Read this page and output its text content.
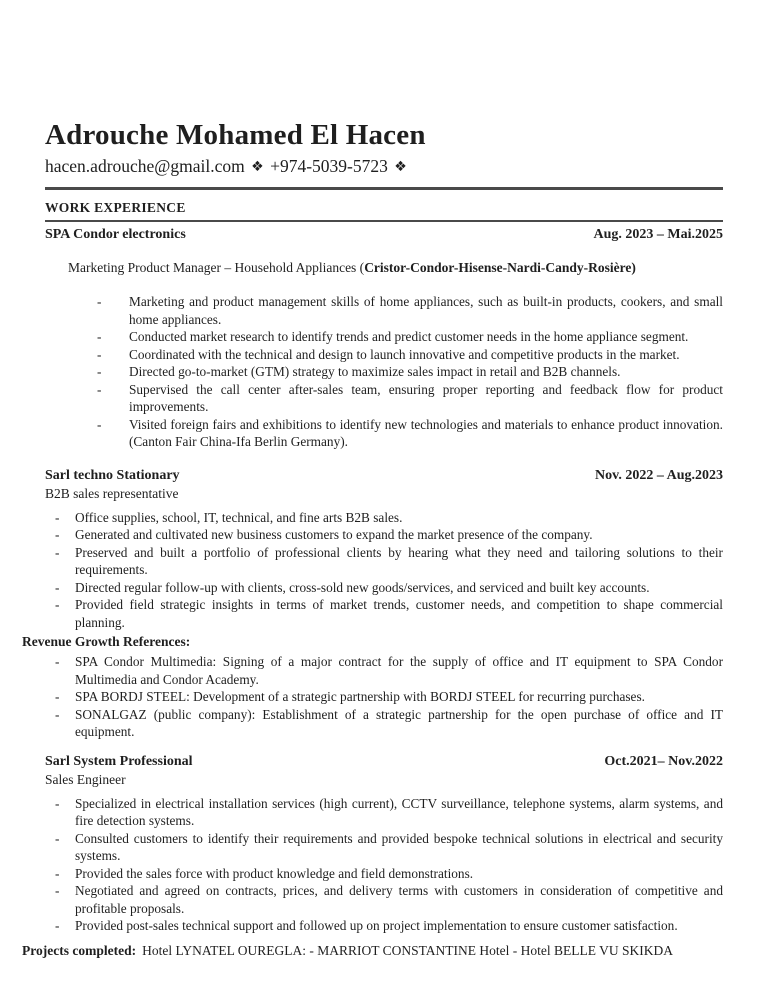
Adrouche Mohamed El Hacen
hacen.adrouche@gmail.com ❖ +974-5039-5723 ❖
WORK EXPERIENCE
SPA Condor electronics	Aug. 2023 – Mai.2025
Marketing Product Manager – Household Appliances (Cristor-Condor-Hisense-Nardi-Candy-Rosière)
- Marketing and product management skills of home appliances, such as built-in products, cookers, and small home appliances.
- Conducted market research to identify trends and predict customer needs in the home appliance segment.
- Coordinated with the technical and design to launch innovative and competitive products in the market.
- Directed go-to-market (GTM) strategy to maximize sales impact in retail and B2B channels.
- Supervised the call center after-sales team, ensuring proper reporting and feedback flow for product improvements.
- Visited foreign fairs and exhibitions to identify new technologies and materials to enhance product innovation.(Canton Fair China-Ifa Berlin Germany).
Sarl techno Stationary	Nov. 2022 – Aug.2023
B2B sales representative
- Office supplies, school, IT, technical, and fine arts B2B sales.
- Generated and cultivated new business customers to expand the market presence of the company.
- Preserved and built a portfolio of professional clients by hearing what they need and tailoring solutions to their requirements.
- Directed regular follow-up with clients, cross-sold new goods/services, and serviced and built key accounts.
- Provided field strategic insights in terms of market trends, customer needs, and competition to shape commercial planning.
Revenue Growth References:
- SPA Condor Multimedia: Signing of a major contract for the supply of office and IT equipment to SPA Condor Multimedia and Condor Academy.
- SPA BORDJ STEEL: Development of a strategic partnership with BORDJ STEEL for recurring purchases.
- SONALGAZ (public company): Establishment of a strategic partnership for the open purchase of office and IT equipment.
Sarl System Professional	Oct.2021– Nov.2022
Sales Engineer
- Specialized in electrical installation services (high current), CCTV surveillance, telephone systems, alarm systems, and fire detection systems.
- Consulted customers to identify their requirements and provided bespoke technical solutions in electrical and security systems.
- Provided the sales force with product knowledge and field demonstrations.
- Negotiated and agreed on contracts, prices, and delivery terms with customers in consideration of competitive and profitable proposals.
- Provided post-sales technical support and followed up on project implementation to ensure customer satisfaction.
Projects completed: Hotel LYNATEL OUREGLA: - MARRIOT CONSTANTINE Hotel - Hotel BELLE VU SKIKDA
